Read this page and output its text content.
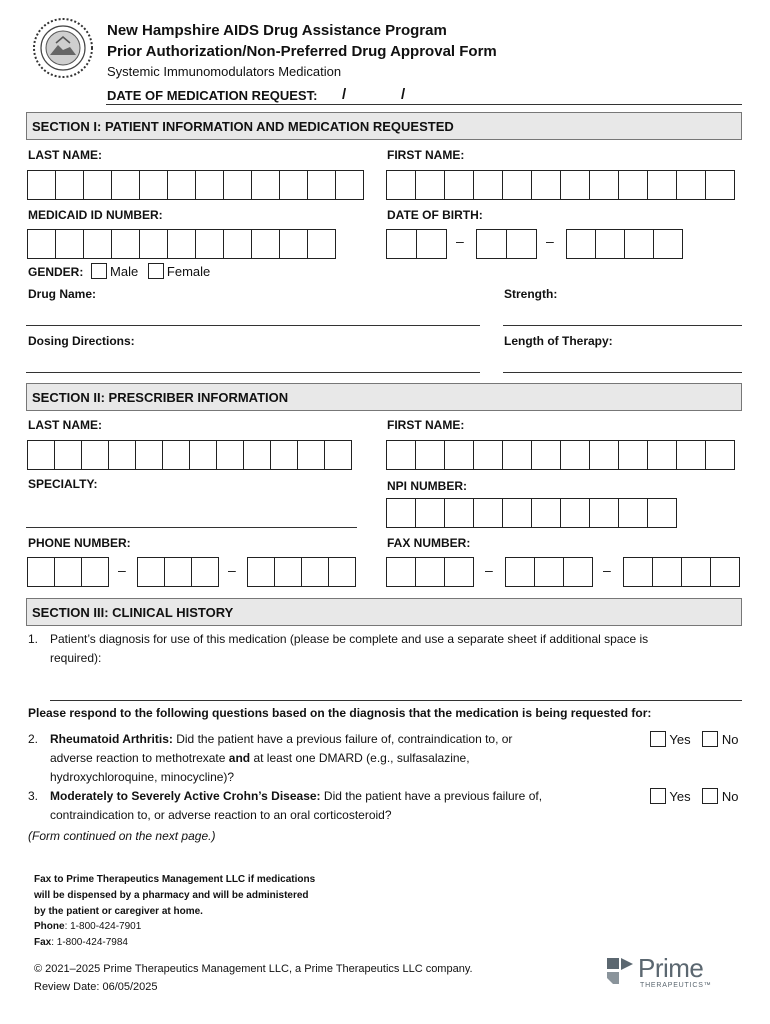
New Hampshire AIDS Drug Assistance Program
Prior Authorization/Non-Preferred Drug Approval Form
Systemic Immunomodulators Medication
DATE OF MEDICATION REQUEST: /	/
SECTION I: PATIENT INFORMATION AND MEDICATION REQUESTED
LAST NAME:	FIRST NAME:
MEDICAID ID NUMBER:	DATE OF BIRTH:
–	–
GENDER: Male Female
Drug Name:	Strength:
Dosing Directions:	Length of Therapy:
SECTION II: PRESCRIBER INFORMATION
LAST NAME:	FIRST NAME:
SPECIALTY:	NPI NUMBER:
PHONE NUMBER:	FAX NUMBER:
–	–	–	–
SECTION III: CLINICAL HISTORY
1. Patient’s diagnosis for use of this medication (please be complete and use a separate sheet if additional space is
required):
Please respond to the following questions based on the diagnosis that the medication is being requested for:
2. Rheumatoid Arthritis: Did the patient have a previous failure of, contraindication to, or
adverse reaction to methotrexate and at least one DMARD (e.g., sulfasalazine,
hydroxychloroquine, minocycline)?
Yes No
3. Moderately to Severely Active Crohn’s Disease: Did the patient have a previous failure of,
contraindication to, or adverse reaction to an oral corticosteroid?
Yes No
(Form continued on the next page.)
Fax to Prime Therapeutics Management LLC if medications
will be dispensed by a pharmacy and will be administered
by the patient or caregiver at home.
Phone: 1-800-424-7901
Fax: 1-800-424-7984
© 2021–2025 Prime Therapeutics Management LLC, a Prime Therapeutics LLC company.
Review Date: 06/05/2025
Prime
THERAPEUTICS™
